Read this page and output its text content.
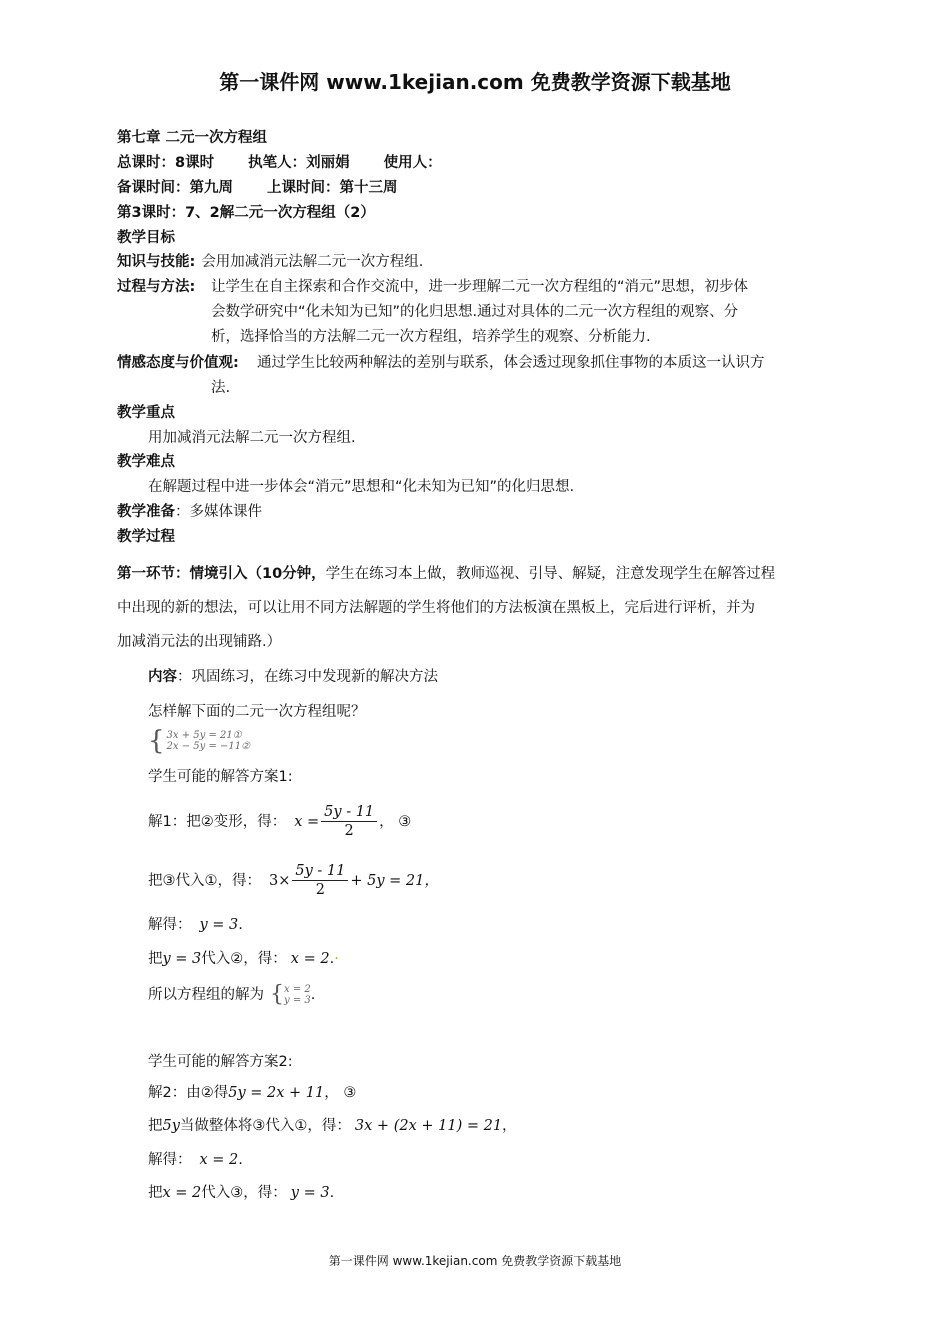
第一课件网 www.1kejian.com 免费教学资源下载基地
第七章 二元一次方程组
总课时：8课时 执笔人：刘丽娟 使用人：
备课时间：第九周 上课时间：第十三周
第3课时：7、2解二元一次方程组（2）
教学目标
知识与技能: 会用加减消元法解二元一次方程组.
过程与方法: 让学生在自主探索和合作交流中，进一步理解二元一次方程组的“消元”思想，初步体
会数学研究中“化未知为已知”的化归思想.通过对具体的二元一次方程组的观察、分
析，选择恰当的方法解二元一次方程组，培养学生的观察、分析能力.
情感态度与价值观: 通过学生比较两种解法的差别与联系，体会透过现象抓住事物的本质这一认识方
法.
教学重点
用加减消元法解二元一次方程组.
教学难点
在解题过程中进一步体会“消元”思想和“化未知为已知”的化归思想.
教学准备：多媒体课件
教学过程
第一环节：情境引入（10分钟，学生在练习本上做，教师巡视、引导、解疑，注意发现学生在解答过程
中出现的新的想法，可以让用不同方法解题的学生将他们的方法板演在黑板上，完后进行评析，并为
加减消元法的出现铺路.）
内容：巩固练习，在练习中发现新的解决方法
怎样解下面的二元一次方程组呢？
{ 3x + 5y = 21①
2x − 5y = −11②
学生可能的解答方案1:
解1：把②变形，得： $x = \frac{5y - 11}{2}$ ， ③
把③代入①，得： $3\times \frac{5y - 11}{2} + 5y = 21$，
解得： y = 3.
把y = 3代入②，得： x = 2.·
所以方程组的解为 { x = 2
y = 3 .
学生可能的解答方案2:
解2：由②得5y = 2x + 11， ③
把5y当做整体将③代入①，得： 3x + (2x + 11) = 21，
解得： x = 2.
把x = 2代入③，得： y = 3.
第一课件网 www.1kejian.com 免费教学资源下载基地
